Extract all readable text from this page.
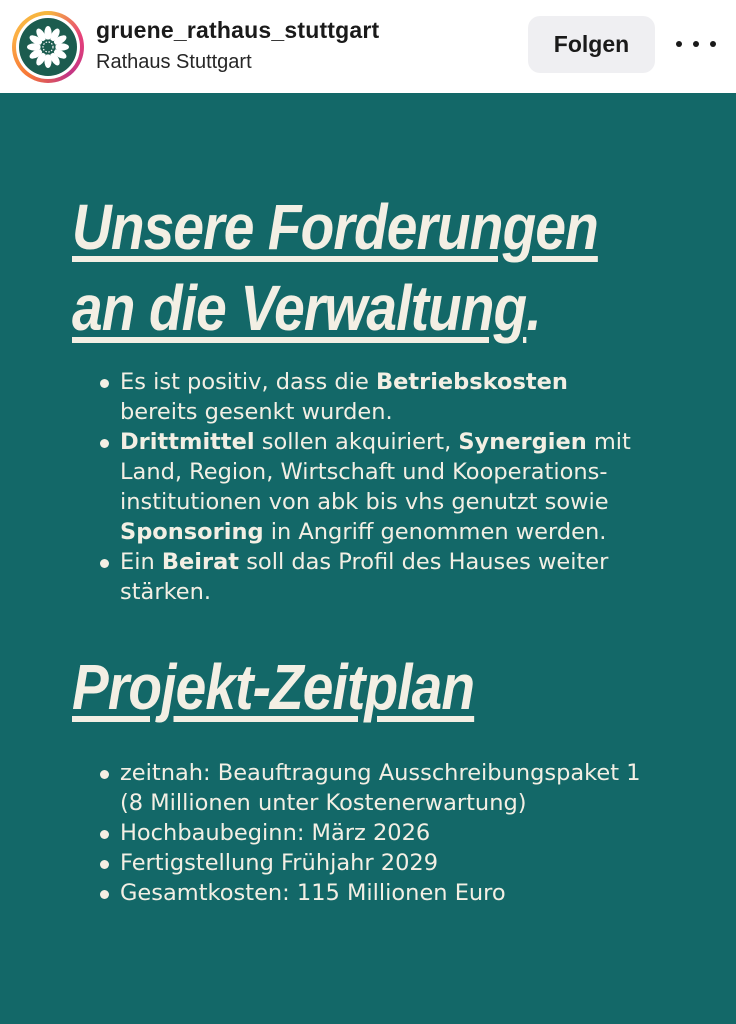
gruene_rathaus_stuttgart
Rathaus Stuttgart
Folgen
Unsere Forderungen
an die Verwaltung.
Es ist positiv, dass die Betriebskosten
bereits gesenkt wurden.
Drittmittel sollen akquiriert, Synergien mit
Land, Region, Wirtschaft und Kooperations-
institutionen von abk bis vhs genutzt sowie
Sponsoring in Angriff genommen werden.
Ein Beirat soll das Profil des Hauses weiter
stärken.
Projekt-Zeitplan
zeitnah: Beauftragung Ausschreibungspaket 1
(8 Millionen unter Kostenerwartung)
Hochbaubeginn: März 2026
Fertigstellung Frühjahr 2029
Gesamtkosten: 115 Millionen Euro
